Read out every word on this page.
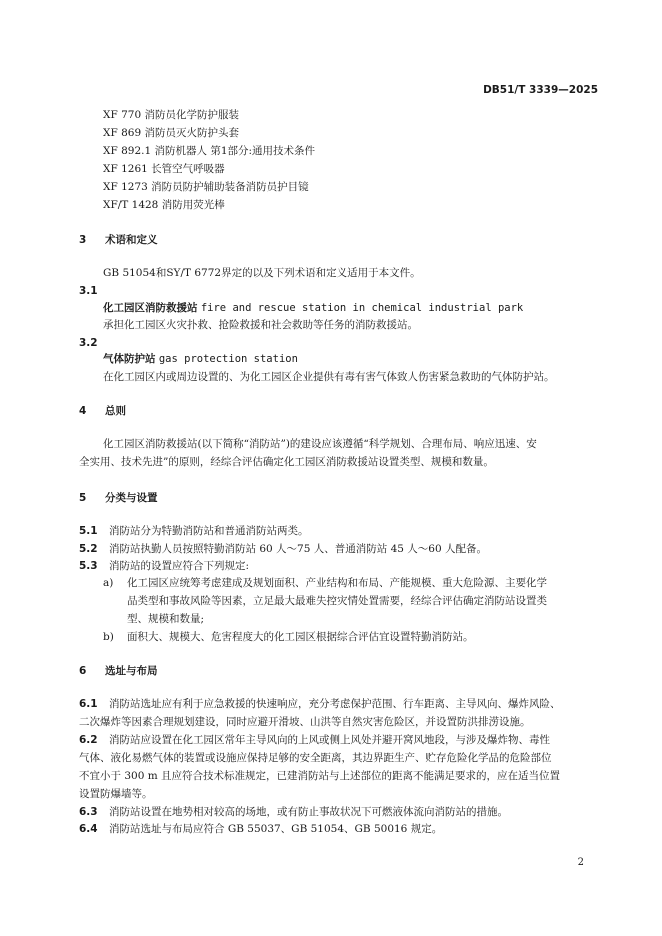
DB51/T 3339—2025
XF 770 消防员化学防护服装
XF 869 消防员灭火防护头套
XF 892.1 消防机器人 第1部分:通用技术条件
XF 1261 长管空气呼吸器
XF 1273 消防员防护辅助装备消防员护目镜
XF/T 1428 消防用荧光棒
3 术语和定义
GB 51054和SY/T 6772界定的以及下列术语和定义适用于本文件。
3.1
化工园区消防救援站 fire and rescue station in chemical industrial park
承担化工园区火灾扑救、抢险救援和社会救助等任务的消防救援站。
3.2
气体防护站 gas protection station
在化工园区内或周边设置的、为化工园区企业提供有毒有害气体致人伤害紧急救助的气体防护站。
4 总则
化工园区消防救援站(以下简称“消防站”)的建设应该遵循“科学规划、合理布局、响应迅速、安
全实用、技术先进”的原则，经综合评估确定化工园区消防救援站设置类型、规模和数量。
5 分类与设置
5.1 消防站分为特勤消防站和普通消防站两类。
5.2 消防站执勤人员按照特勤消防站 60 人～75 人、普通消防站 45 人～60 人配备。
5.3 消防站的设置应符合下列规定:
a) 化工园区应统筹考虑建成及规划面积、产业结构和布局、产能规模、重大危险源、主要化学
品类型和事故风险等因素，立足最大最难失控灾情处置需要，经综合评估确定消防站设置类
型、规模和数量;
b) 面积大、规模大、危害程度大的化工园区根据综合评估宜设置特勤消防站。
6 选址与布局
6.1 消防站选址应有利于应急救援的快速响应，充分考虑保护范围、行车距离、主导风向、爆炸风险、
二次爆炸等因素合理规划建设，同时应避开滑坡、山洪等自然灾害危险区，并设置防洪排涝设施。
6.2 消防站应设置在化工园区常年主导风向的上风或侧上风处并避开窝风地段，与涉及爆炸物、毒性
气体、液化易燃气体的装置或设施应保持足够的安全距离，其边界距生产、贮存危险化学品的危险部位
不宜小于 300 m 且应符合技术标准规定，已建消防站与上述部位的距离不能满足要求的，应在适当位置
设置防爆墙等。
6.3 消防站设置在地势相对较高的场地，或有防止事故状况下可燃液体流向消防站的措施。
6.4 消防站选址与布局应符合 GB 55037、GB 51054、GB 50016 规定。
2
